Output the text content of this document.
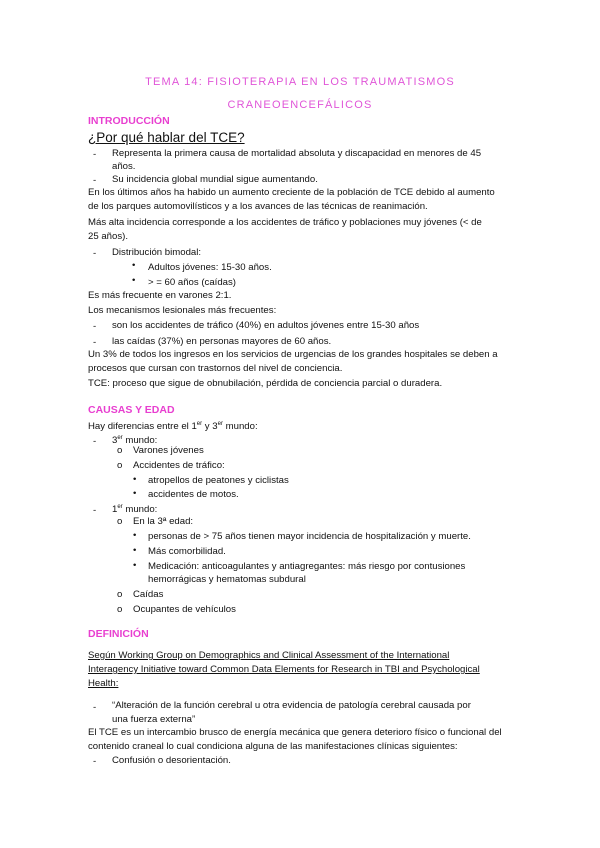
TEMA 14: FISIOTERAPIA EN LOS TRAUMATISMOS
CRANEOENCEFÁLICOS
INTRODUCCIÓN
¿Por qué hablar del TCE?
- Representa la primera causa de mortalidad absoluta y discapacidad en menores de 45
años.
- Su incidencia global mundial sigue aumentando.
En los últimos años ha habido un aumento creciente de la población de TCE debido al aumento
de los parques automovilísticos y a los avances de las técnicas de reanimación.
Más alta incidencia corresponde a los accidentes de tráfico y poblaciones muy jóvenes (< de
25 años).
- Distribución bimodal:
• Adultos jóvenes: 15-30 años.
• > = 60 años (caídas)
Es más frecuente en varones 2:1.
Los mecanismos lesionales más frecuentes:
- son los accidentes de tráfico (40%) en adultos jóvenes entre 15-30 años
- las caídas (37%) en personas mayores de 60 años.
Un 3% de todos los ingresos en los servicios de urgencias de los grandes hospitales se deben a
procesos que cursan con trastornos del nivel de conciencia.
TCE: proceso que sigue de obnubilación, pérdida de conciencia parcial o duradera.
CAUSAS Y EDAD
Hay diferencias entre el 1er y 3er mundo:
- 3er mundo:
o Varones jóvenes
o Accidentes de tráfico:
• atropellos de peatones y ciclistas
• accidentes de motos.
- 1er mundo:
o En la 3ª edad:
• personas de > 75 años tienen mayor incidencia de hospitalización y muerte.
• Más comorbilidad.
• Medicación: anticoagulantes y antiagregantes: más riesgo por contusiones
hemorrágicas y hematomas subdural
o Caídas
o Ocupantes de vehículos
DEFINICIÓN
Según Working Group on Demographics and Clinical Assessment of the International
Interagency Initiative toward Common Data Elements for Research in TBI and Psychological
Health:
- “Alteración de la función cerebral u otra evidencia de patología cerebral causada por
una fuerza externa”
El TCE es un intercambio brusco de energía mecánica que genera deterioro físico o funcional del
contenido craneal lo cual condiciona alguna de las manifestaciones clínicas siguientes:
- Confusión o desorientación.
